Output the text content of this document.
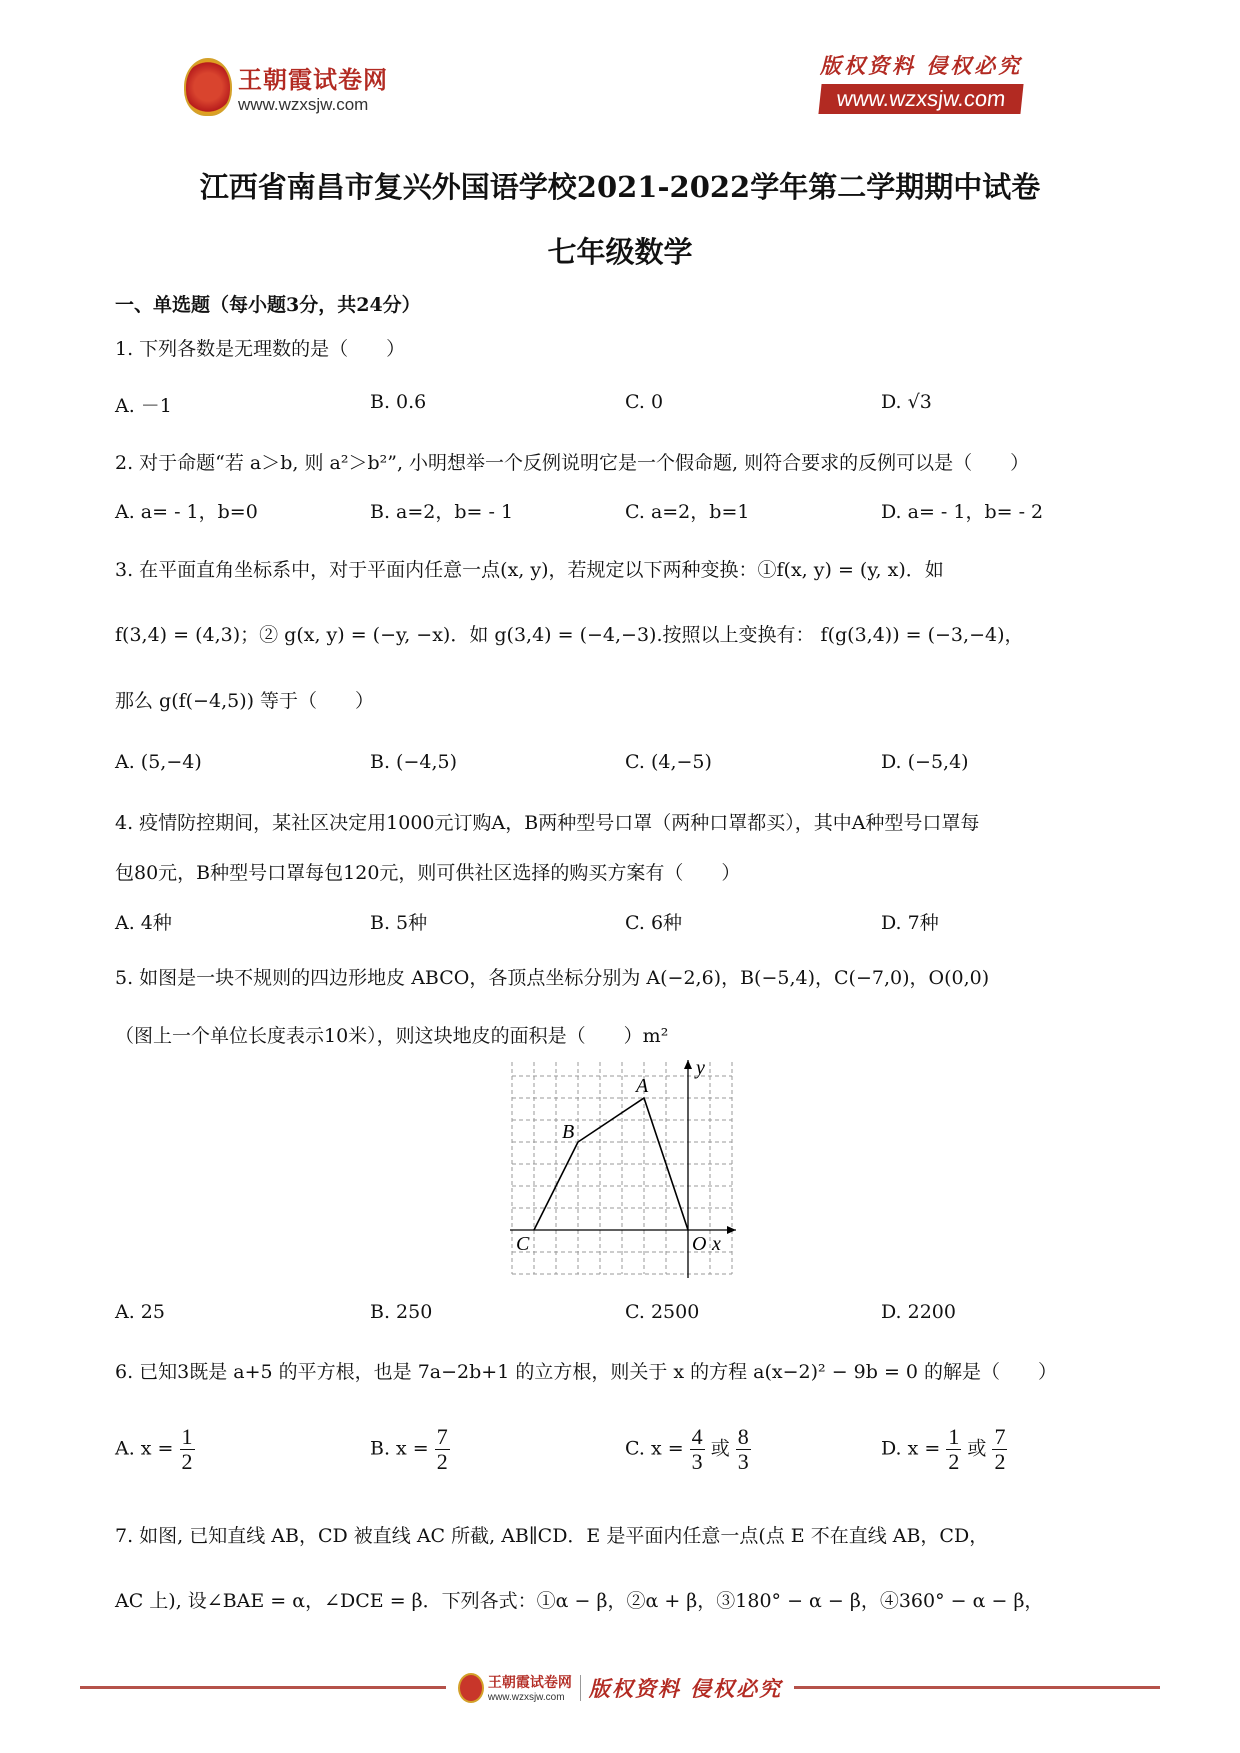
王朝霞试卷网
www.wzxsjw.com
版权资料 侵权必究
www.wzxsjw.com
江西省南昌市复兴外国语学校2021-2022学年第二学期期中试卷
七年级数学
一、单选题（每小题3分，共24分）
1. 下列各数是无理数的是（　　）
A. －1	B. 0.6	C. 0	D. √3
2. 对于命题“若 a＞b, 则 a²＞b²”, 小明想举一个反例说明它是一个假命题, 则符合要求的反例可以是（　　）
A. a= - 1，b=0	B. a=2，b= - 1	C. a=2，b=1	D. a= - 1，b= - 2
3. 在平面直角坐标系中，对于平面内任意一点(x, y)，若规定以下两种变换：①f(x, y) = (y, x)．如
f(3,4) = (4,3)；② g(x, y) = (−y, −x)．如 g(3,4) = (−4,−3).按照以上变换有： f(g(3,4)) = (−3,−4)，
那么 g(f(−4,5)) 等于（　　）
A. (5,−4)	B. (−4,5)	C. (4,−5)	D. (−5,4)
4. 疫情防控期间，某社区决定用1000元订购A，B两种型号口罩（两种口罩都买），其中A种型号口罩每
包80元，B种型号口罩每包120元，则可供社区选择的购买方案有（　　）
A. 4种	B. 5种	C. 6种	D. 7种
5. 如图是一块不规则的四边形地皮 ABCO，各顶点坐标分别为 A(−2,6)，B(−5,4)，C(−7,0)，O(0,0)
（图上一个单位长度表示10米），则这块地皮的面积是（　　）m²
A
B
C	O x
y
A. 25	B. 250	C. 2500	D. 2200
6. 已知3既是 a+5 的平方根，也是 7a−2b+1 的立方根，则关于 x 的方程 a(x−2)² − 9b = 0 的解是（　　）
A. $x = \frac{1}{2}$	B. $x = \frac{7}{2}$	C. $x = \frac{4}{3}$ 或 $\frac{8}{3}$	D. $x = \frac{1}{2}$ 或 $\frac{7}{2}$
7. 如图, 已知直线 AB，CD 被直线 AC 所截, AB∥CD．E 是平面内任意一点(点 E 不在直线 AB，CD，
AC 上), 设∠BAE = α，∠DCE = β．下列各式：①α − β，②α + β，③180° − α − β，④360° − α − β，
王朝霞试卷网
www.wzxsjw.com	版权资料 侵权必究
